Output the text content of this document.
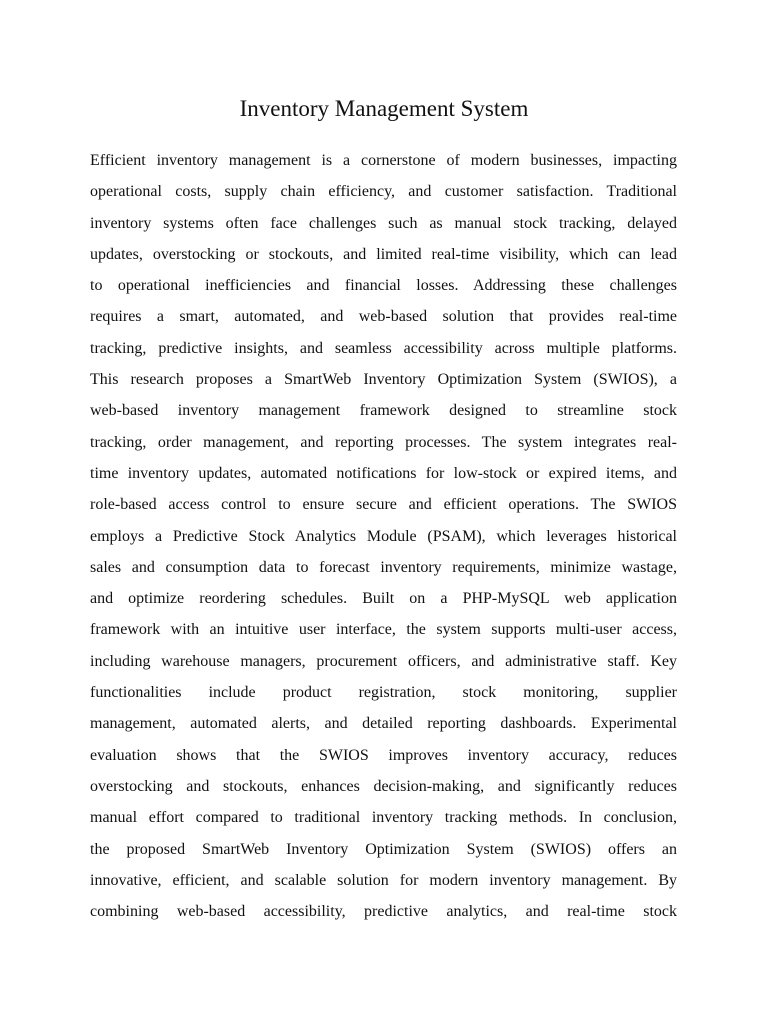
Inventory Management System
Efficient inventory management is a cornerstone of modern businesses, impacting
operational costs, supply chain efficiency, and customer satisfaction. Traditional
inventory systems often face challenges such as manual stock tracking, delayed
updates, overstocking or stockouts, and limited real-time visibility, which can lead
to operational inefficiencies and financial losses. Addressing these challenges
requires a smart, automated, and web-based solution that provides real-time
tracking, predictive insights, and seamless accessibility across multiple platforms.
This research proposes a SmartWeb Inventory Optimization System (SWIOS), a
web-based inventory management framework designed to streamline stock
tracking, order management, and reporting processes. The system integrates real-
time inventory updates, automated notifications for low-stock or expired items, and
role-based access control to ensure secure and efficient operations. The SWIOS
employs a Predictive Stock Analytics Module (PSAM), which leverages historical
sales and consumption data to forecast inventory requirements, minimize wastage,
and optimize reordering schedules. Built on a PHP-MySQL web application
framework with an intuitive user interface, the system supports multi-user access,
including warehouse managers, procurement officers, and administrative staff. Key
functionalities include product registration, stock monitoring, supplier
management, automated alerts, and detailed reporting dashboards. Experimental
evaluation shows that the SWIOS improves inventory accuracy, reduces
overstocking and stockouts, enhances decision-making, and significantly reduces
manual effort compared to traditional inventory tracking methods. In conclusion,
the proposed SmartWeb Inventory Optimization System (SWIOS) offers an
innovative, efficient, and scalable solution for modern inventory management. By
combining web-based accessibility, predictive analytics, and real-time stock
